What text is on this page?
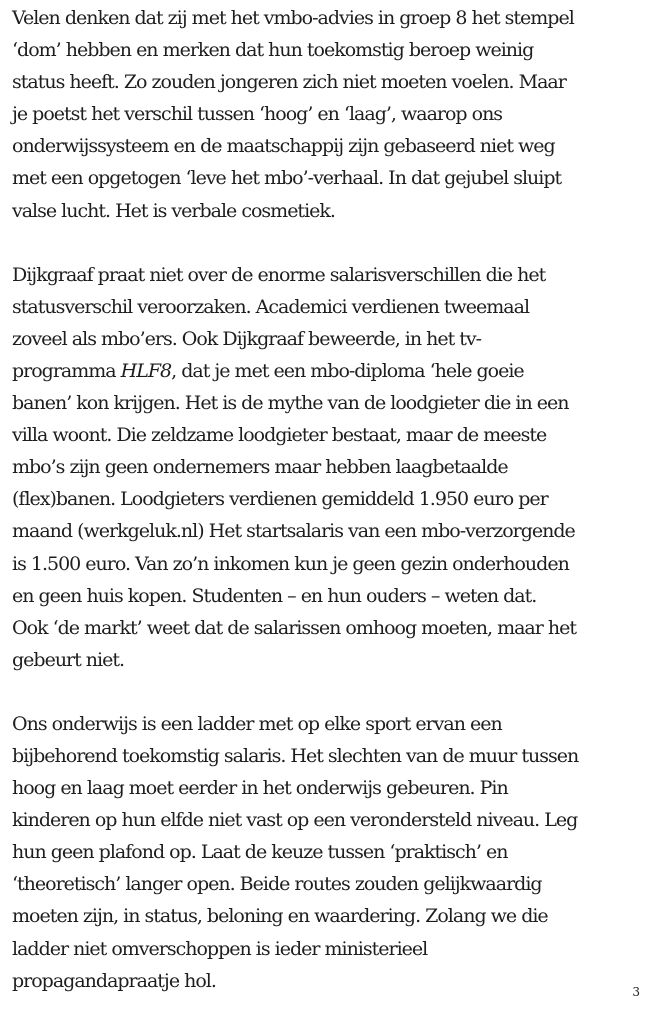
Velen denken dat zij met het vmbo-advies in groep 8 het stempel
‘dom’ hebben en merken dat hun toekomstig beroep weinig
status heeft. Zo zouden jongeren zich niet moeten voelen. Maar
je poetst het verschil tussen ‘hoog’ en ‘laag’, waarop ons
onderwijssysteem en de maatschappij zijn gebaseerd niet weg
met een opgetogen ‘leve het mbo’-verhaal. In dat gejubel sluipt
valse lucht. Het is verbale cosmetiek.

Dijkgraaf praat niet over de enorme salarisverschillen die het
statusverschil veroorzaken. Academici verdienen tweemaal
zoveel als mbo’ers. Ook Dijkgraaf beweerde, in het tv-
programma HLF8, dat je met een mbo-diploma ‘hele goeie
banen’ kon krijgen. Het is de mythe van de loodgieter die in een
villa woont. Die zeldzame loodgieter bestaat, maar de meeste
mbo’s zijn geen ondernemers maar hebben laagbetaalde
(flex)banen. Loodgieters verdienen gemiddeld 1.950 euro per
maand (werkgeluk.nl) Het startsalaris van een mbo-verzorgende
is 1.500 euro. Van zo’n inkomen kun je geen gezin onderhouden
en geen huis kopen. Studenten – en hun ouders – weten dat.
Ook ‘de markt’ weet dat de salarissen omhoog moeten, maar het
gebeurt niet.

Ons onderwijs is een ladder met op elke sport ervan een
bijbehorend toekomstig salaris. Het slechten van de muur tussen
hoog en laag moet eerder in het onderwijs gebeuren. Pin
kinderen op hun elfde niet vast op een verondersteld niveau. Leg
hun geen plafond op. Laat de keuze tussen ‘praktisch’ en
‘theoretisch’ langer open. Beide routes zouden gelijkwaardig
moeten zijn, in status, beloning en waardering. Zolang we die
ladder niet omverschoppen is ieder ministerieel
propagandapraatje hol.

3
